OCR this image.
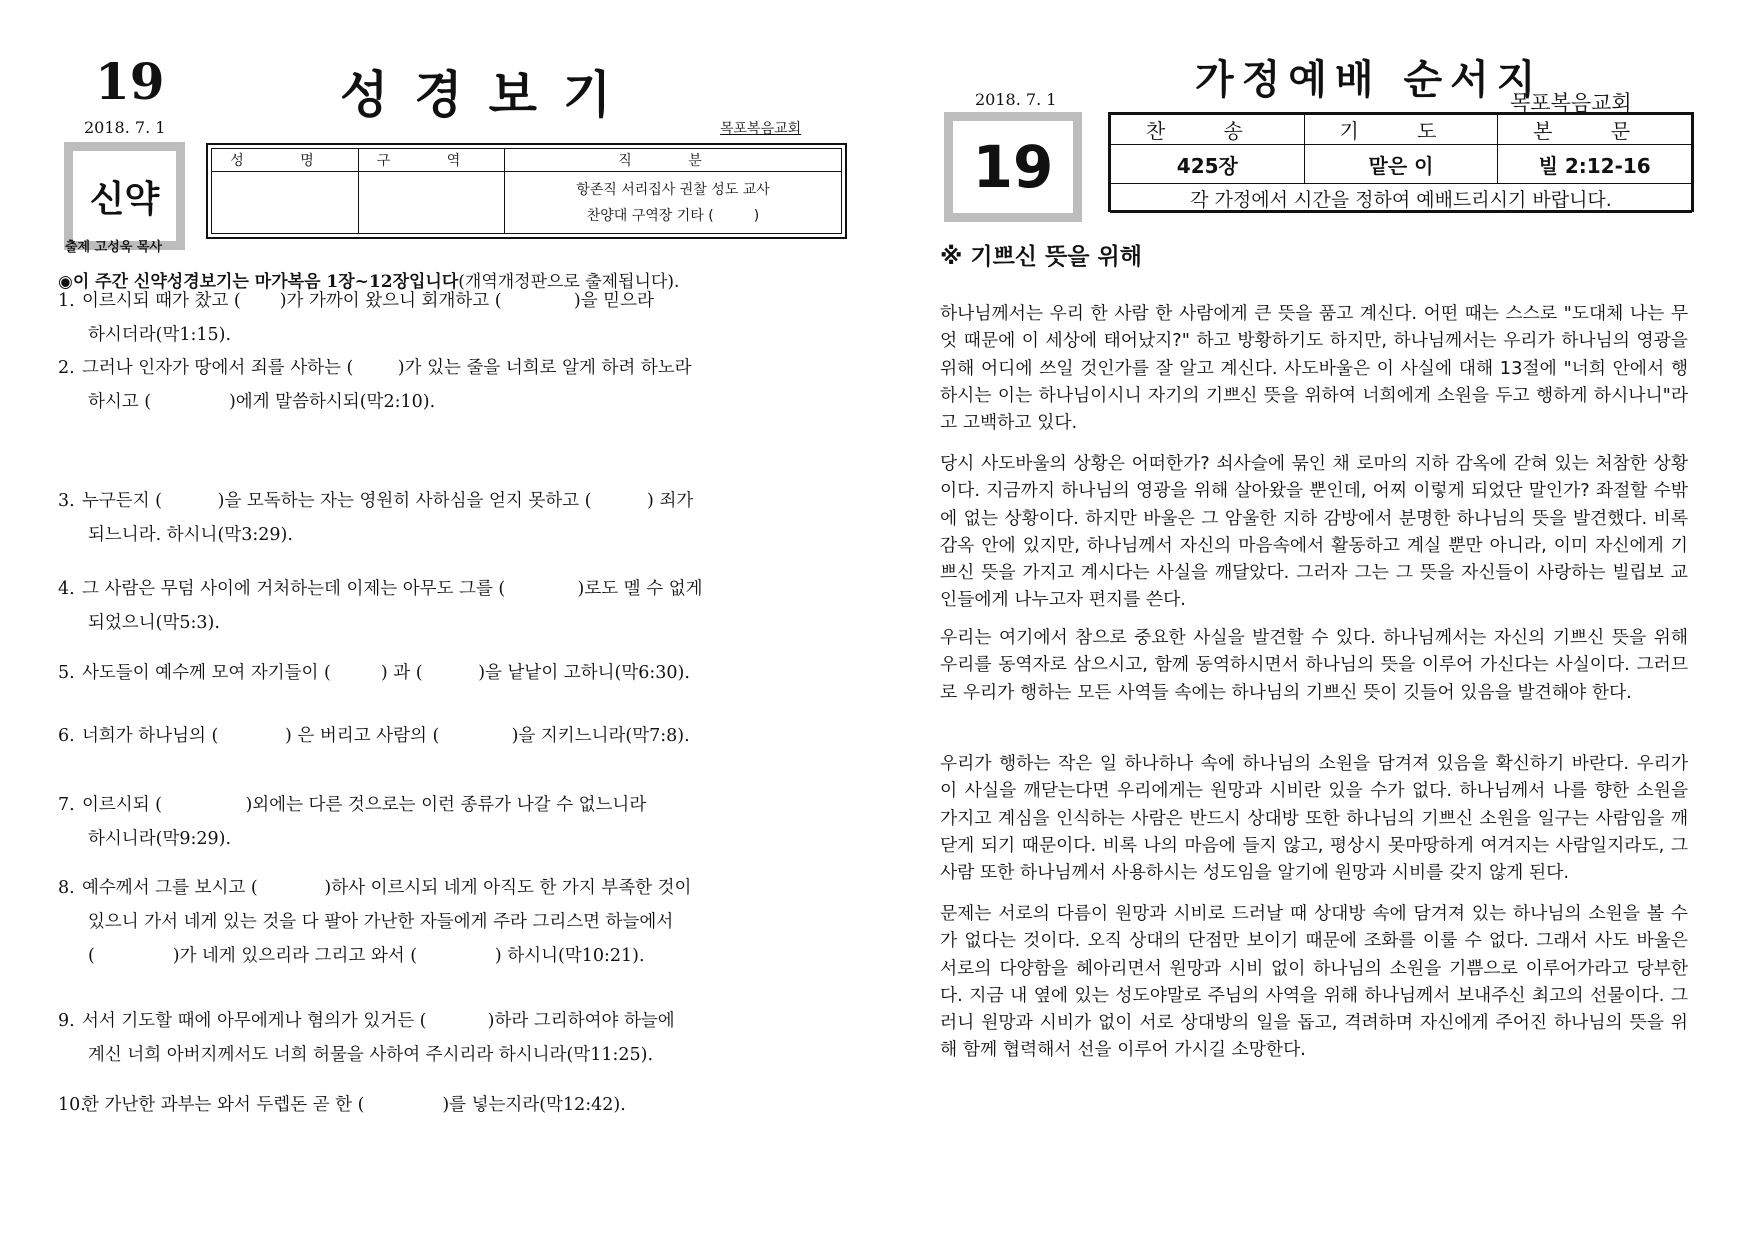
19	성경보기
2018. 7. 1	목포복음교회
신약
출제 고성욱 목사
성 명	구 역	직 분
항존직 서리집사 권찰 성도 교사
찬양대 구역장 기타 (         )
◉이 주간 신약성경보기는 마가복음 1장~12장입니다(개역개정판으로 출제됩니다).
1. 이르시되 때가 찼고 (       )가 가까이 왔으니 회개하고 (             )을 믿으라
하시더라(막1:15).
2. 그러나 인자가 땅에서 죄를 사하는 (        )가 있는 줄을 너희로 알게 하려 하노라
하시고 (              )에게 말씀하시되(막2:10).
3. 누구든지 (          )을 모독하는 자는 영원히 사하심을 얻지 못하고 (          ) 죄가
되느니라. 하시니(막3:29).
4. 그 사람은 무덤 사이에 거처하는데 이제는 아무도 그를 (             )로도 멜 수 없게
되었으니(막5:3).
5. 사도들이 예수께 모여 자기들이 (         ) 과 (          )을 낱낱이 고하니(막6:30).
6. 너희가 하나님의 (            ) 은 버리고 사람의 (             )을 지키느니라(막7:8).
7. 이르시되 (               )외에는 다른 것으로는 이런 종류가 나갈 수 없느니라
하시니라(막9:29).
8. 예수께서 그를 보시고 (            )하사 이르시되 네게 아직도 한 가지 부족한 것이
있으니 가서 네게 있는 것을 다 팔아 가난한 자들에게 주라 그리스면 하늘에서
(              )가 네게 있으리라 그리고 와서 (              ) 하시니(막10:21).
9. 서서 기도할 때에 아무에게나 혐의가 있거든 (           )하라 그리하여야 하늘에
계신 너희 아버지께서도 너희 허물을 사하여 주시리라 하시니라(막11:25).
10.한 가난한 과부는 와서 두렙돈 곧 한 (              )를 넣는지라(막12:42).
가정예배 순서지
2018. 7. 1	목포복음교회
19
찬 송	기 도	본 문
425장	맡은 이	빌 2:12-16
각 가정에서 시간을 정하여 예배드리시기 바랍니다.		
※ 기쁘신 뜻을 위해
하나님께서는 우리 한 사람 한 사람에게 큰 뜻을 품고 계신다. 어떤 때는 스스로 "도대체 나는 무엇 때문에 이 세상에 태어났지?" 하고 방황하기도 하지만, 하나님께서는 우리가 하나님의 영광을 위해 어디에 쓰일 것인가를 잘 알고 계신다. 사도바울은 이 사실에 대해 13절에 "너희 안에서 행하시는 이는 하나님이시니 자기의 기쁘신 뜻을 위하여 너희에게 소원을 두고 행하게 하시나니"라고 고백하고 있다.
당시 사도바울의 상황은 어떠한가? 쇠사슬에 묶인 채 로마의 지하 감옥에 갇혀 있는 처참한 상황이다. 지금까지 하나님의 영광을 위해 살아왔을 뿐인데, 어찌 이렇게 되었단 말인가? 좌절할 수밖에 없는 상황이다. 하지만 바울은 그 암울한 지하 감방에서 분명한 하나님의 뜻을 발견했다. 비록 감옥 안에 있지만, 하나님께서 자신의 마음속에서 활동하고 계실 뿐만 아니라, 이미 자신에게 기쁘신 뜻을 가지고 계시다는 사실을 깨달았다. 그러자 그는 그 뜻을 자신들이 사랑하는 빌립보 교인들에게 나누고자 편지를 쓴다.
우리는 여기에서 참으로 중요한 사실을 발견할 수 있다. 하나님께서는 자신의 기쁘신 뜻을 위해 우리를 동역자로 삼으시고, 함께 동역하시면서 하나님의 뜻을 이루어 가신다는 사실이다. 그러므로 우리가 행하는 모든 사역들 속에는 하나님의 기쁘신 뜻이 깃들어 있음을 발견해야 한다.
우리가 행하는 작은 일 하나하나 속에 하나님의 소원을 담겨져 있음을 확신하기 바란다. 우리가 이 사실을 깨닫는다면 우리에게는 원망과 시비란 있을 수가 없다. 하나님께서 나를 향한 소원을 가지고 계심을 인식하는 사람은 반드시 상대방 또한 하나님의 기쁘신 소원을 일구는 사람임을 깨닫게 되기 때문이다. 비록 나의 마음에 들지 않고, 평상시 못마땅하게 여겨지는 사람일지라도, 그 사람 또한 하나님께서 사용하시는 성도임을 알기에 원망과 시비를 갖지 않게 된다.
문제는 서로의 다름이 원망과 시비로 드러날 때 상대방 속에 담겨져 있는 하나님의 소원을 볼 수가 없다는 것이다. 오직 상대의 단점만 보이기 때문에 조화를 이룰 수 없다. 그래서 사도 바울은 서로의 다양함을 헤아리면서 원망과 시비 없이 하나님의 소원을 기쁨으로 이루어가라고 당부한다. 지금 내 옆에 있는 성도야말로 주님의 사역을 위해 하나님께서 보내주신 최고의 선물이다. 그러니 원망과 시비가 없이 서로 상대방의 일을 돕고, 격려하며 자신에게 주어진 하나님의 뜻을 위해 함께 협력해서 선을 이루어 가시길 소망한다.
